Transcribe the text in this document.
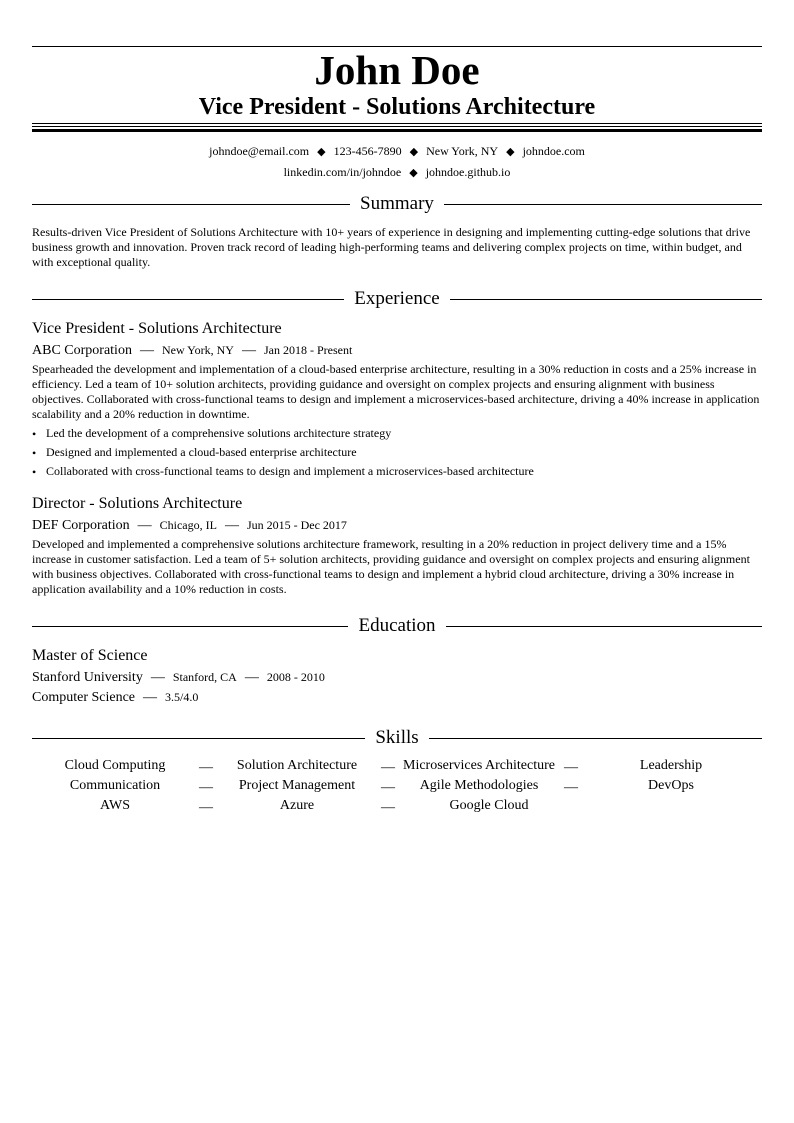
John Doe
Vice President - Solutions Architecture
johndoe@email.com ◆ 123-456-7890 ◆ New York, NY ◆ johndoe.com
linkedin.com/in/johndoe ◆ johndoe.github.io
Summary
Results-driven Vice President of Solutions Architecture with 10+ years of experience in designing and implementing cutting-edge solutions that drive business growth and innovation. Proven track record of leading high-performing teams and delivering complex projects on time, within budget, and with exceptional quality.
Experience
Vice President - Solutions Architecture
ABC Corporation — New York, NY — Jan 2018 - Present
Spearheaded the development and implementation of a cloud-based enterprise architecture, resulting in a 30% reduction in costs and a 25% increase in efficiency. Led a team of 10+ solution architects, providing guidance and oversight on complex projects and ensuring alignment with business objectives. Collaborated with cross-functional teams to design and implement a microservices-based architecture, driving a 40% increase in application scalability and a 20% reduction in downtime.
• Led the development of a comprehensive solutions architecture strategy
• Designed and implemented a cloud-based enterprise architecture
• Collaborated with cross-functional teams to design and implement a microservices-based architecture
Director - Solutions Architecture
DEF Corporation — Chicago, IL — Jun 2015 - Dec 2017
Developed and implemented a comprehensive solutions architecture framework, resulting in a 20% reduction in project delivery time and a 15% increase in customer satisfaction. Led a team of 5+ solution architects, providing guidance and oversight on complex projects and ensuring alignment with business objectives. Collaborated with cross-functional teams to design and implement a hybrid cloud architecture, driving a 30% increase in application availability and a 10% reduction in costs.
Education
Master of Science
Stanford University — Stanford, CA — 2008 - 2010
Computer Science — 3.5/4.0
Skills
Cloud Computing	—	Solution Architecture	— Microservices Architecture —	Leadership
Communication	—	Project Management	—	Agile Methodologies	—	DevOps
AWS	—	Azure	—	Google Cloud
